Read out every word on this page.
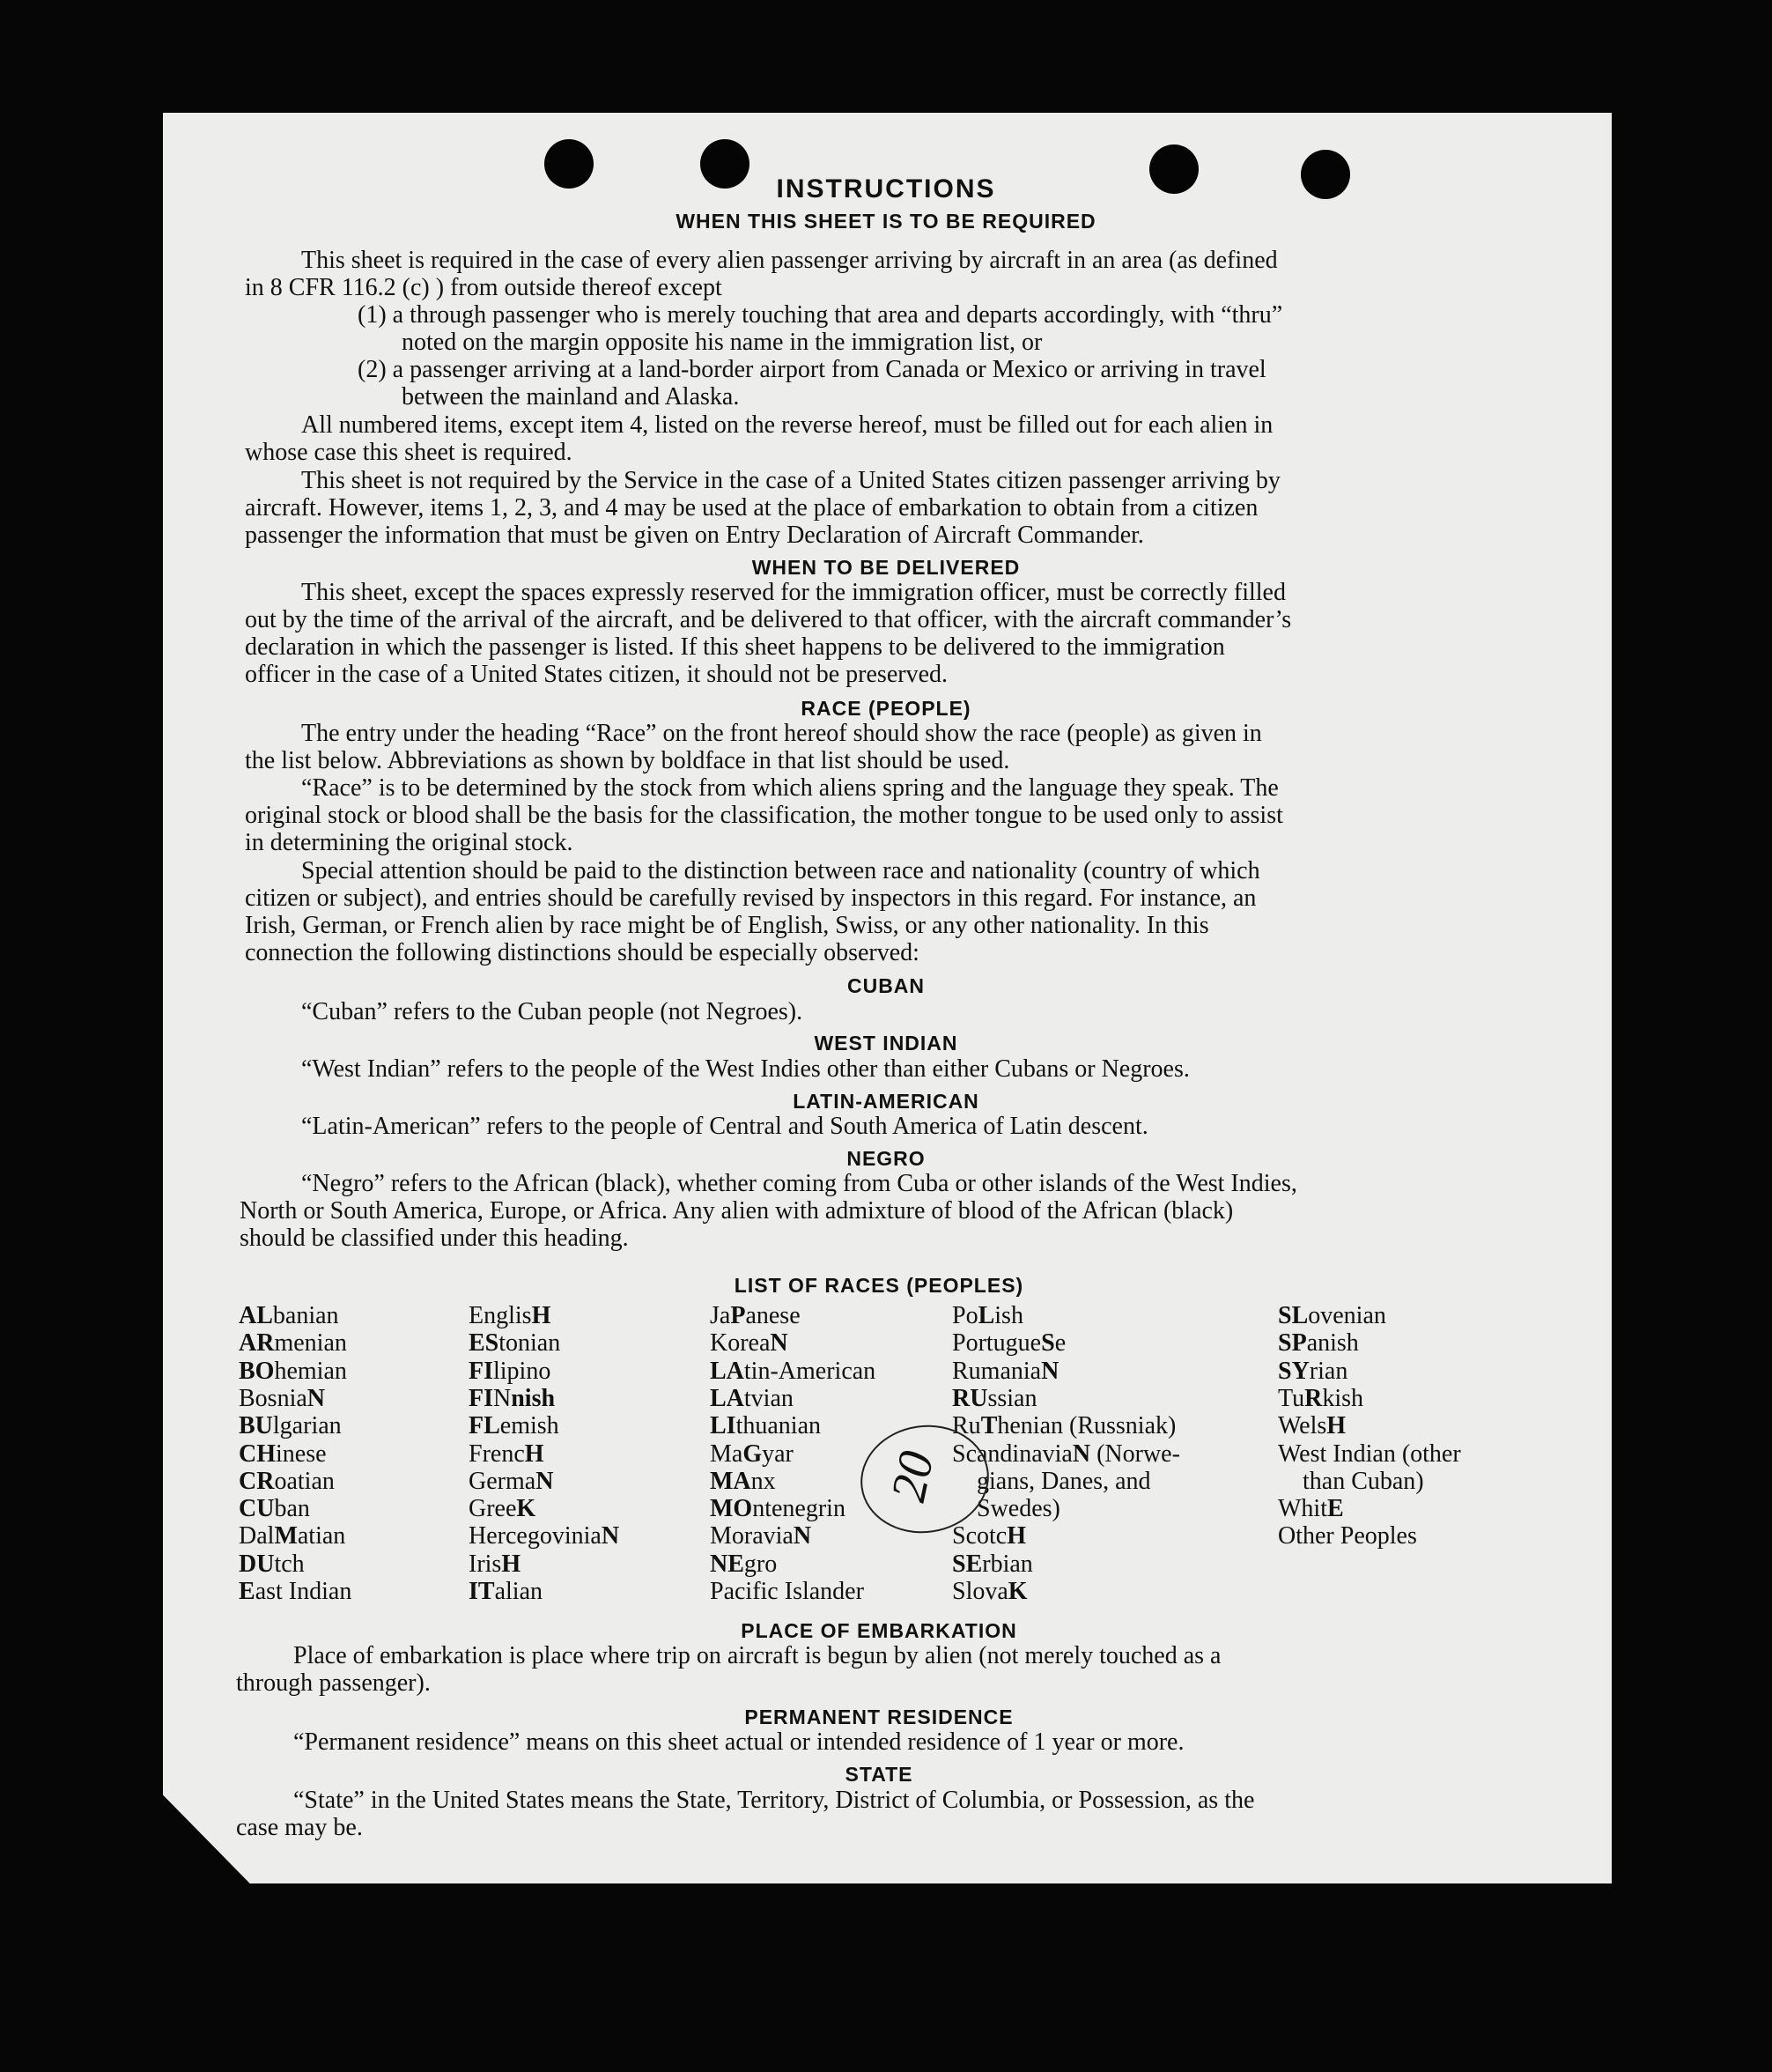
INSTRUCTIONS
WHEN THIS SHEET IS TO BE REQUIRED
This sheet is required in the case of every alien passenger arriving by aircraft in an area (as defined
in 8 CFR 116.2 (c) ) from outside thereof except
(1) a through passenger who is merely touching that area and departs accordingly, with “thru”
noted on the margin opposite his name in the immigration list, or
(2) a passenger arriving at a land-border airport from Canada or Mexico or arriving in travel
between the mainland and Alaska.
All numbered items, except item 4, listed on the reverse hereof, must be filled out for each alien in
whose case this sheet is required.
This sheet is not required by the Service in the case of a United States citizen passenger arriving by
aircraft. However, items 1, 2, 3, and 4 may be used at the place of embarkation to obtain from a citizen
passenger the information that must be given on Entry Declaration of Aircraft Commander.
WHEN TO BE DELIVERED
This sheet, except the spaces expressly reserved for the immigration officer, must be correctly filled
out by the time of the arrival of the aircraft, and be delivered to that officer, with the aircraft commander’s
declaration in which the passenger is listed. If this sheet happens to be delivered to the immigration
officer in the case of a United States citizen, it should not be preserved.
RACE (PEOPLE)
The entry under the heading “Race” on the front hereof should show the race (people) as given in
the list below. Abbreviations as shown by boldface in that list should be used.
“Race” is to be determined by the stock from which aliens spring and the language they speak. The
original stock or blood shall be the basis for the classification, the mother tongue to be used only to assist
in determining the original stock.
Special attention should be paid to the distinction between race and nationality (country of which
citizen or subject), and entries should be carefully revised by inspectors in this regard. For instance, an
Irish, German, or French alien by race might be of English, Swiss, or any other nationality. In this
connection the following distinctions should be especially observed:
CUBAN
“Cuban” refers to the Cuban people (not Negroes).
WEST INDIAN
“West Indian” refers to the people of the West Indies other than either Cubans or Negroes.
LATIN-AMERICAN
“Latin-American” refers to the people of Central and South America of Latin descent.
NEGRO
“Negro” refers to the African (black), whether coming from Cuba or other islands of the West Indies,
North or South America, Europe, or Africa. Any alien with admixture of blood of the African (black)
should be classified under this heading.
LIST OF RACES (PEOPLES)
ALbanian
ARmenian
BOhemian
BosniaN
BUlgarian
CHinese
CRoatian
CUban
DalMatian
DUtch
East Indian
EnglisH
EStonian
FIlipino
FINnish
FLemish
FrencH
GermaN
GreeK
HercegoviniaN
IrisH
ITalian
JaPanese
KoreaN
LAtin-American
LAtvian
LIthuanian
MaGyar
MAnx
MOntenegrin
MoraviaN
NEgro
Pacific Islander
PoLish
PortugueSe
RumaniaN
RUssian
RuThenian (Russniak)
ScandinaviaN (Norwe-
gians, Danes, and
Swedes)
ScotcH
SErbian
SlovaK
SLovenian
SPanish
SYrian
TuRkish
WelsH
West Indian (other
than Cuban)
WhitE
Other Peoples
20
PLACE OF EMBARKATION
Place of embarkation is place where trip on aircraft is begun by alien (not merely touched as a
through passenger).
PERMANENT RESIDENCE
“Permanent residence” means on this sheet actual or intended residence of 1 year or more.
STATE
“State” in the United States means the State, Territory, District of Columbia, or Possession, as the
case may be.
